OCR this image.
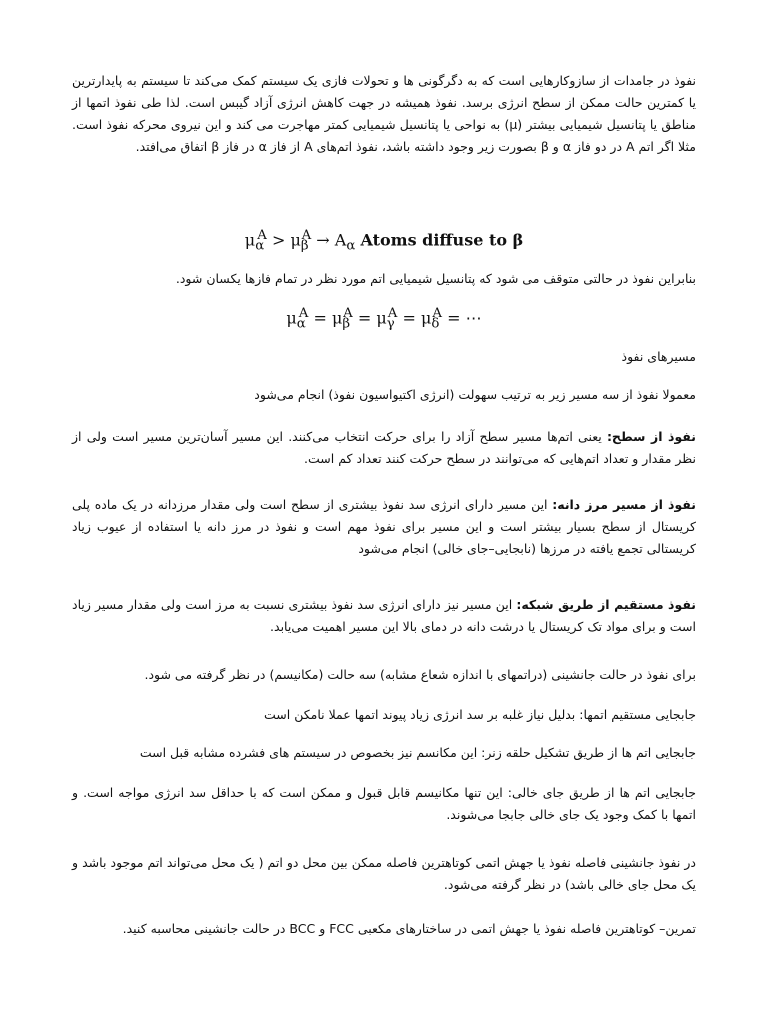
نفوذ در جامدات از سازوکارهایی است که به دگرگونی ها و تحولات فازی یک سیستم کمک می‌کند تا سیستم به پایدارترین یا کمترین حالت ممکن از سطح انرژی برسد. نفوذ همیشه در جهت کاهش انرژی آزاد گیبس است. لذا طی نفوذ اتمها از مناطق یا پتانسیل شیمیایی بیشتر (μ) به نواحی یا پتانسیل شیمیایی کمتر مهاجرت می کند و این نیروی محرکه نفوذ است. مثلا اگر اتم A در دو فاز α و β بصورت زیر وجود داشته باشد، نفوذ اتم‌های A از فاز α در فاز β اتفاق می‌افتد.

$\mu_\alpha^A > \mu_\beta^A \to A_\alpha$ Atoms diffuse to β

بنابراین نفوذ در حالتی متوقف می شود که پتانسیل شیمیایی اتم مورد نظر در تمام فازها یکسان شود.

$\mu_\alpha^A = \mu_\beta^A = \mu_\gamma^A = \mu_\delta^A$ = ⋯
مسیرهای نفوذ

معمولا نفوذ از سه مسیر زیر به ترتیب سهولت (انرژی اکتیواسیون نفوذ) انجام می‌شود

نفوذ از سطح: یعنی اتم‌ها مسیر سطح آزاد را برای حرکت انتخاب می‌کنند. این مسیر آسان‌ترین مسیر است ولی از نظر مقدار و تعداد اتم‌هایی که می‌توانند در سطح حرکت کنند تعداد کم است.

نفوذ از مسیر مرز دانه: این مسیر دارای انرژی سد نفوذ بیشتری از سطح است ولی مقدار مرزدانه در یک ماده پلی کریستال از سطح بسیار بیشتر است و این مسیر برای نفوذ مهم است و نفوذ در مرز دانه یا استفاده از عیوب زیاد کریستالی تجمع یافته در مرزها (نابجایی–جای خالی) انجام می‌شود

نفوذ مستقیم از طریق شبکه: این مسیر نیز دارای انرژی سد نفوذ بیشتری نسبت به مرز است ولی مقدار مسیر زیاد است و برای مواد تک کریستال یا درشت دانه در دمای بالا این مسیر اهمیت می‌یابد.

برای نفوذ در حالت جانشینی (دراتمهای با اندازه شعاع مشابه) سه حالت (مکانیسم) در نظر گرفته می شود.

جابجایی مستقیم اتمها: بدلیل نیاز غلبه بر سد انرژی زیاد پیوند اتمها عملا نامکن است

جابجایی اتم ها از طریق تشکیل حلقه زنر: این مکانسم نیز بخصوص در سیستم های فشرده مشابه قبل است

جابجایی اتم ها از طریق جای خالی: این تنها مکانیسم قابل قبول و ممکن است که با حداقل سد انرژی مواجه است. و اتمها با کمک وجود یک جای خالی جابجا می‌شوند.

در نفوذ جانشینی فاصله نفوذ یا جهش اتمی کوتاهترین فاصله ممکن بین محل دو اتم ( یک محل می‌تواند اتم موجود باشد و یک محل جای خالی باشد) در نظر گرفته می‌شود.

تمرین– کوتاهترین فاصله نفوذ یا جهش اتمی در ساختارهای مکعبی FCC و BCC در حالت جانشینی محاسبه کنید.
